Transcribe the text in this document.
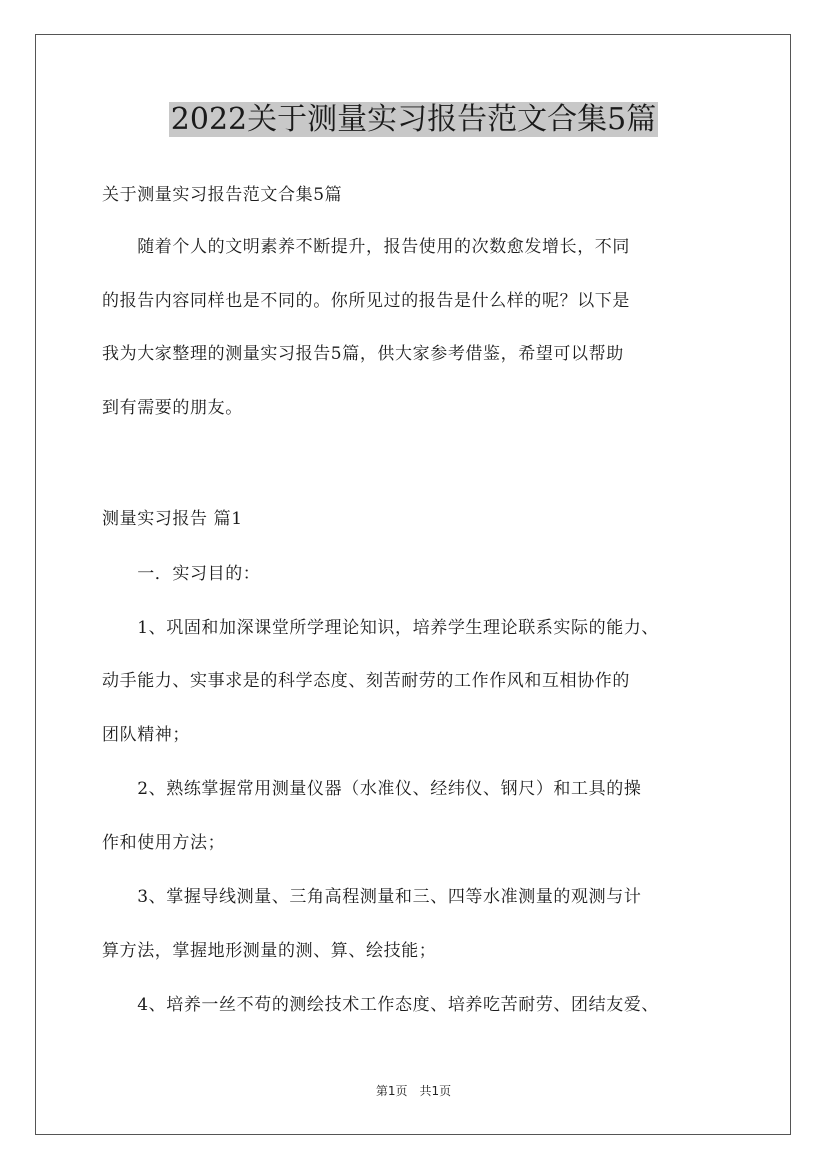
2022关于测量实习报告范文合集5篇
关于测量实习报告范文合集5篇
　　随着个人的文明素养不断提升，报告使用的次数愈发增长，不同
的报告内容同样也是不同的。你所见过的报告是什么样的呢？以下是
我为大家整理的测量实习报告5篇，供大家参考借鉴，希望可以帮助
到有需要的朋友。
测量实习报告 篇1
　　一．实习目的：
　　1、巩固和加深课堂所学理论知识，培养学生理论联系实际的能力、
动手能力、实事求是的科学态度、刻苦耐劳的工作作风和互相协作的
团队精神；
　　2、熟练掌握常用测量仪器（水准仪、经纬仪、钢尺）和工具的操
作和使用方法；
　　3、掌握导线测量、三角高程测量和三、四等水准测量的观测与计
算方法，掌握地形测量的测、算、绘技能；
　　4、培养一丝不苟的测绘技术工作态度、培养吃苦耐劳、团结友爱、
第1页　共1页
